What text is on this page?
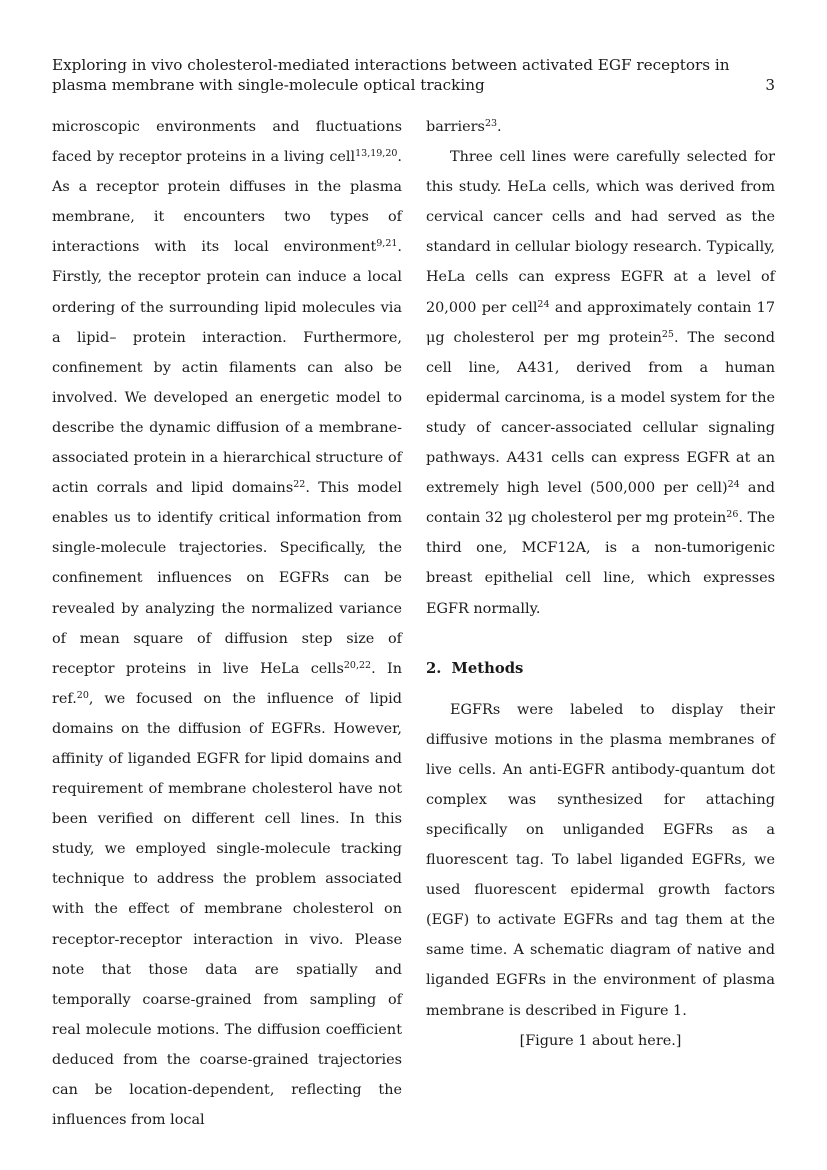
Exploring in vivo cholesterol-mediated interactions between activated EGF receptors in plasma membrane with single-molecule optical tracking	3

microscopic environments and fluctuations faced by receptor proteins in a living cell$^{13,19,20}$. As a receptor protein diffuses in the plasma membrane, it encounters two types of interactions with its local environment$^{9,21}$. Firstly, the receptor protein can induce a local ordering of the surrounding lipid molecules via a lipid– protein interaction. Furthermore, confinement by actin filaments can also be involved. We developed an energetic model to describe the dynamic diffusion of a membrane-associated protein in a hierarchical structure of actin corrals and lipid domains$^{22}$. This model enables us to identify critical information from single-molecule trajectories. Specifically, the confinement influences on EGFRs can be revealed by analyzing the normalized variance of mean square of diffusion step size of receptor proteins in live HeLa cells$^{20,22}$. In ref.$^{20}$, we focused on the influence of lipid domains on the diffusion of EGFRs. However, affinity of liganded EGFR for lipid domains and requirement of membrane cholesterol have not been verified on different cell lines. In this study, we employed single-molecule tracking technique to address the problem associated with the effect of membrane cholesterol on receptor-receptor interaction in vivo. Please note that those data are spatially and temporally coarse-grained from sampling of real molecule motions. The diffusion coefficient deduced from the coarse-grained trajectories can be location-dependent, reflecting the influences from local

barriers$^{23}$.

Three cell lines were carefully selected for this study. HeLa cells, which was derived from cervical cancer cells and had served as the standard in cellular biology research. Typically, HeLa cells can express EGFR at a level of 20,000 per cell$^{24}$ and approximately contain 17 μg cholesterol per mg protein$^{25}$. The second cell line, A431, derived from a human epidermal carcinoma, is a model system for the study of cancer-associated cellular signaling pathways. A431 cells can express EGFR at an extremely high level (500,000 per cell)$^{24}$ and contain 32 μg cholesterol per mg protein$^{26}$. The third one, MCF12A, is a non-tumorigenic breast epithelial cell line, which expresses EGFR normally.

2. Methods

EGFRs were labeled to display their diffusive motions in the plasma membranes of live cells. An anti-EGFR antibody-quantum dot complex was synthesized for attaching specifically on unliganded EGFRs as a fluorescent tag. To label liganded EGFRs, we used fluorescent epidermal growth factors (EGF) to activate EGFRs and tag them at the same time. A schematic diagram of native and liganded EGFRs in the environment of plasma membrane is described in Figure 1.

[Figure 1 about here.]
